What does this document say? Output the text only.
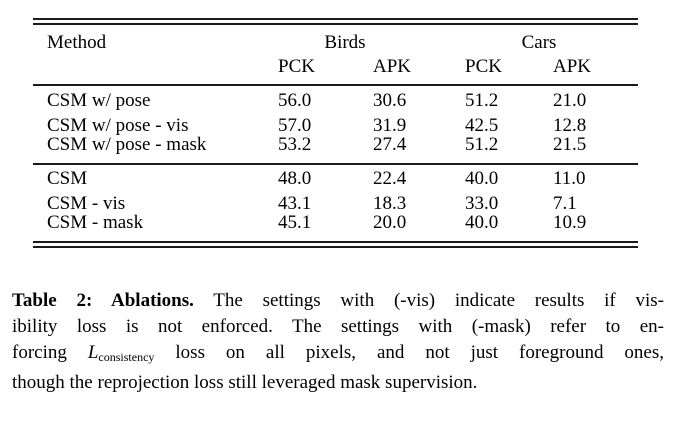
Method	Birds		Cars	
	PCK	APK	PCK	APK
CSM w/ pose	56.0	30.6	51.2	21.0
CSM w/ pose - vis	57.0	31.9	42.5	12.8
CSM w/ pose - mask	53.2	27.4	51.2	21.5
CSM	48.0	22.4	40.0	11.0
CSM - vis	43.1	18.3	33.0	7.1
CSM - mask	45.1	20.0	40.0	10.9

Table 2: Ablations. The settings with (-vis) indicate results if vis-
ibility loss is not enforced. The settings with (-mask) refer to en-
forcing $L_{consistency}$ loss on all pixels, and not just foreground ones,
though the reprojection loss still leveraged mask supervision.
